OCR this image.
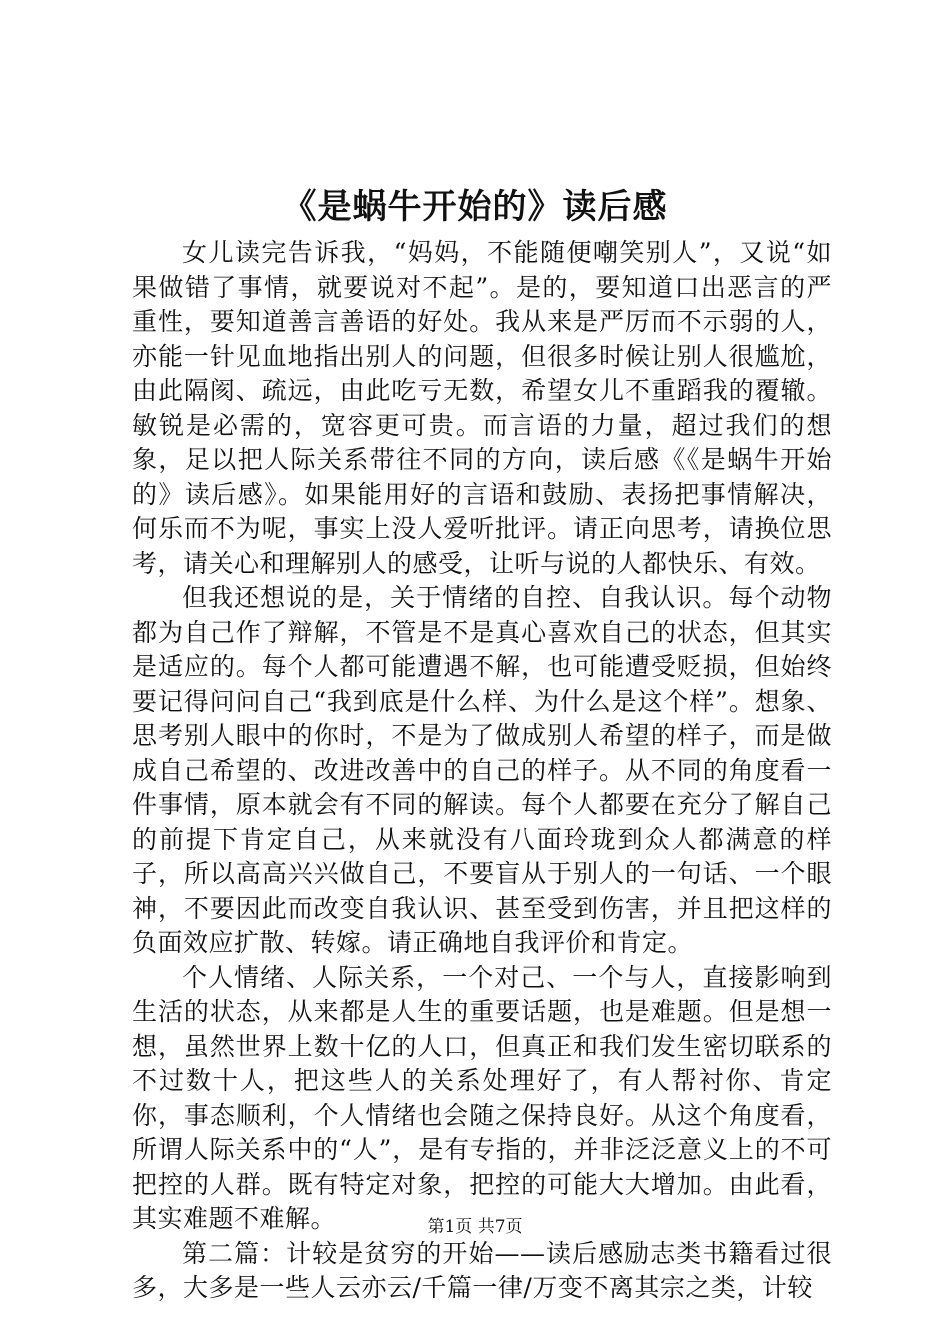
《是蜗牛开始的》读后感

女儿读完告诉我，“妈妈，不能随便嘲笑别人”，又说“如果做错了事情，就要说对不起”。是的，要知道口出恶言的严重性，要知道善言善语的好处。我从来是严厉而不示弱的人，亦能一针见血地指出别人的问题，但很多时候让别人很尴尬，由此隔阂、疏远，由此吃亏无数，希望女儿不重蹈我的覆辙。敏锐是必需的，宽容更可贵。而言语的力量，超过我们的想象，足以把人际关系带往不同的方向，读后感《《是蜗牛开始的》读后感》。如果能用好的言语和鼓励、表扬把事情解决，何乐而不为呢，事实上没人爱听批评。请正向思考，请换位思考，请关心和理解别人的感受，让听与说的人都快乐、有效。

但我还想说的是，关于情绪的自控、自我认识。每个动物都为自己作了辩解，不管是不是真心喜欢自己的状态，但其实是适应的。每个人都可能遭遇不解，也可能遭受贬损，但始终要记得问问自己“我到底是什么样、为什么是这个样”。想象、思考别人眼中的你时，不是为了做成别人希望的样子，而是做成自己希望的、改进改善中的自己的样子。从不同的角度看一件事情，原本就会有不同的解读。每个人都要在充分了解自己的前提下肯定自己，从来就没有八面玲珑到众人都满意的样子，所以高高兴兴做自己，不要盲从于别人的一句话、一个眼神，不要因此而改变自我认识、甚至受到伤害，并且把这样的负面效应扩散、转嫁。请正确地自我评价和肯定。

个人情绪、人际关系，一个对己、一个与人，直接影响到生活的状态，从来都是人生的重要话题，也是难题。但是想一想，虽然世界上数十亿的人口，但真正和我们发生密切联系的不过数十人，把这些人的关系处理好了，有人帮衬你、肯定你，事态顺利，个人情绪也会随之保持良好。从这个角度看，所谓人际关系中的“人”，是有专指的，并非泛泛意义上的不可把控的人群。既有特定对象，把控的可能大大增加。由此看，其实难题不难解。

第二篇：计较是贫穷的开始——读后感励志类书籍看过很多，大多是一些人云亦云/千篇一律/万变不离其宗之类，计较

第1页 共7页
